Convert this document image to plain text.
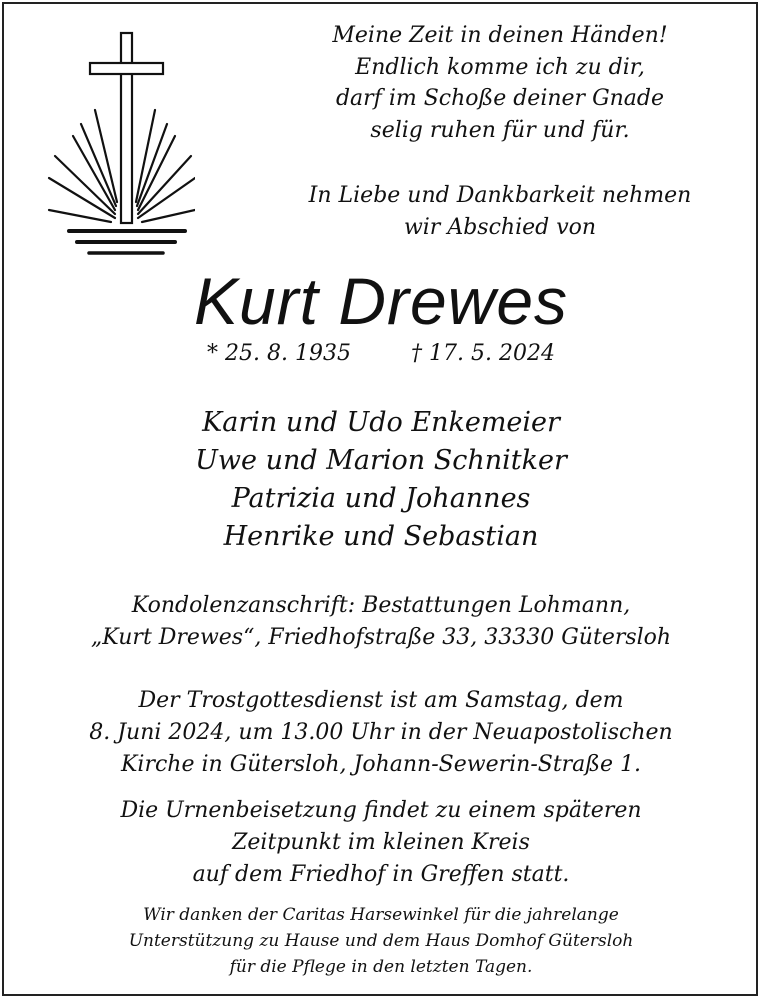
Meine Zeit in deinen Händen!
Endlich komme ich zu dir,
darf im Schoße deiner Gnade
selig ruhen für und für.
In Liebe und Dankbarkeit nehmen
wir Abschied von
Kurt Drewes
* 25. 8. 1935	† 17. 5. 2024
Karin und Udo Enkemeier
Uwe und Marion Schnitker
Patrizia und Johannes
Henrike und Sebastian
Kondolenzanschrift: Bestattungen Lohmann,
„Kurt Drewes“, Friedhofstraße 33, 33330 Gütersloh
Der Trostgottesdienst ist am Samstag, dem
8. Juni 2024, um 13.00 Uhr in der Neuapostolischen
Kirche in Gütersloh, Johann-Sewerin-Straße 1.
Die Urnenbeisetzung findet zu einem späteren
Zeitpunkt im kleinen Kreis
auf dem Friedhof in Greffen statt.
Wir danken der Caritas Harsewinkel für die jahrelange
Unterstützung zu Hause und dem Haus Domhof Gütersloh
für die Pflege in den letzten Tagen.
